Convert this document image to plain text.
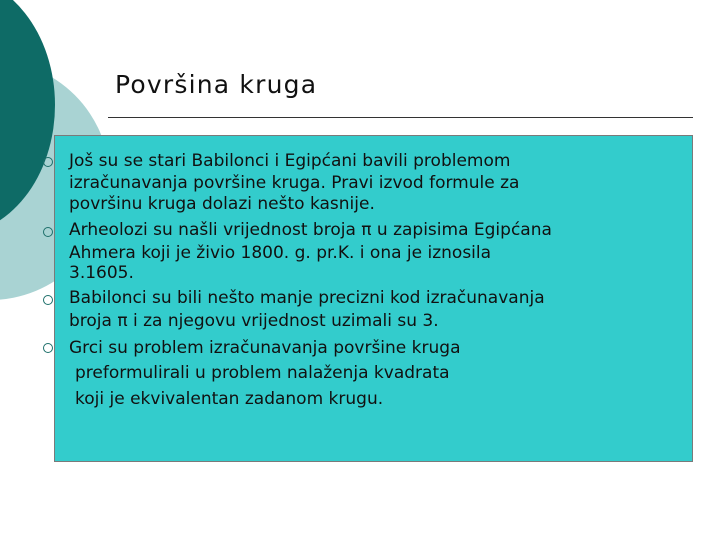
Površina kruga
Još su se stari Babilonci i Egipćani bavili problemom
izračunavanja površine kruga. Pravi izvod formule za
površinu kruga dolazi nešto kasnije.
Arheolozi su našli vrijednost broja π u zapisima Egipćana
Ahmera koji je živio 1800. g. pr.K. i ona je iznosila
3.1605.
Babilonci su bili nešto manje precizni kod izračunavanja
broja π i za njegovu vrijednost uzimali su 3.
Grci su problem izračunavanja površine kruga
preformulirali u problem nalaženja kvadrata
koji je ekvivalentan zadanom krugu.
